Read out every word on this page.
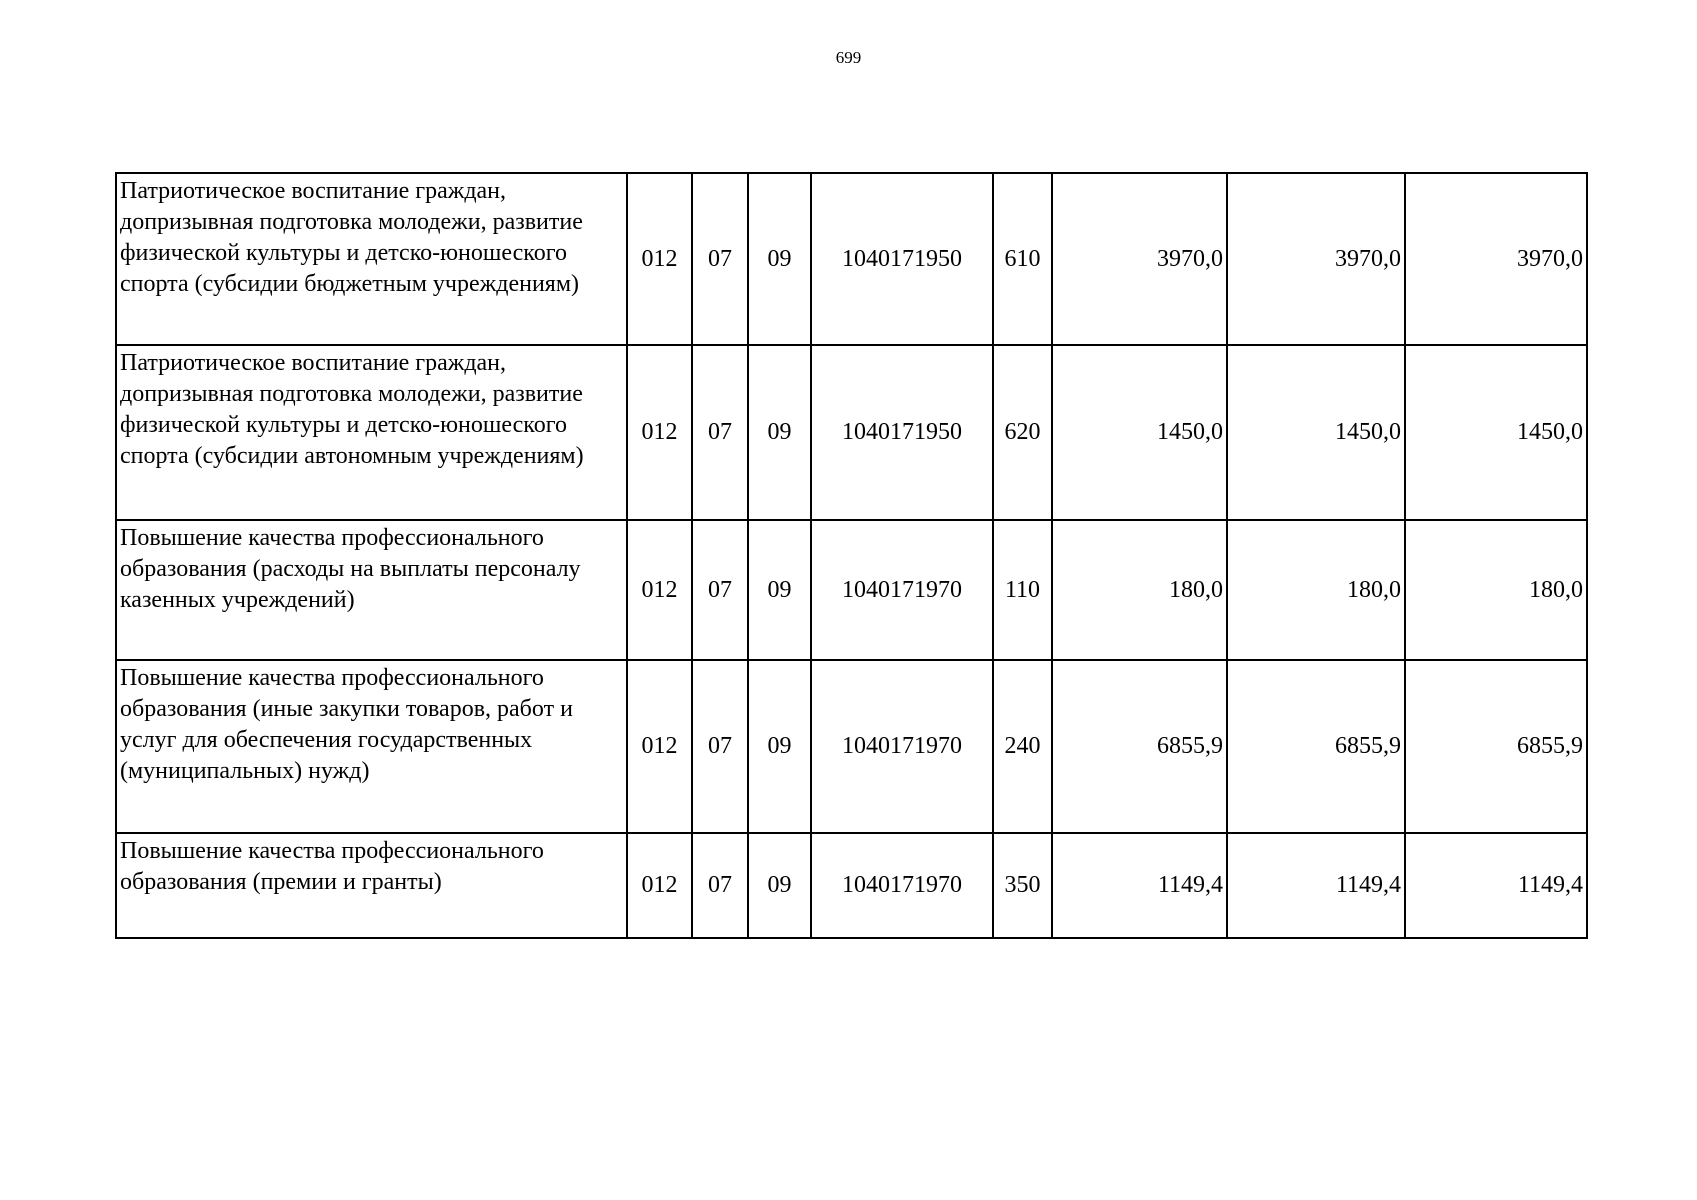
699
Патриотическое воспитание граждан, допризывная подготовка молодежи, развитие физической культуры и детско-юношеского спорта (субсидии бюджетным учреждениям)	012	07	09	1040171950	610	3970,0	3970,0	3970,0
Патриотическое воспитание граждан, допризывная подготовка молодежи, развитие физической культуры и детско-юношеского спорта (субсидии автономным учреждениям)	012	07	09	1040171950	620	1450,0	1450,0	1450,0
Повышение качества профессионального образования (расходы на выплаты персоналу казенных учреждений)	012	07	09	1040171970	110	180,0	180,0	180,0
Повышение качества профессионального образования (иные закупки товаров, работ и услуг для обеспечения государственных (муниципальных) нужд)	012	07	09	1040171970	240	6855,9	6855,9	6855,9
Повышение качества профессионального образования (премии и гранты)	012	07	09	1040171970	350	1149,4	1149,4	1149,4
